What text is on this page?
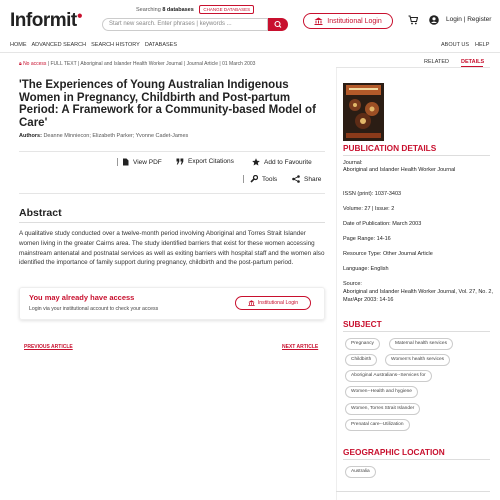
Informit●
Searching 8 databases CHANGE DATABASES
Start new search. Enter phrases | keywords ...	Institutional Login	Login | Register
HOME ADVANCED SEARCH SEARCH HISTORY DATABASES	ABOUT US HELP
🔒︎ No access | FULL TEXT | Aboriginal and Islander Health Worker Journal | Journal Article | 01 March 2003
'The Experiences of Young Australian Indigenous Women in Pregnancy, Childbirth and Post-partum Period: A Framework for a Community-based Model of Care'
Authors: Deanne Minniecon; Elizabeth Parker; Yvonne Cadet-James
View PDF	Export Citations	Add to Favourite
Tools	Share
Abstract
A qualitative study conducted over a twelve-month period involving Aboriginal and Torres Strait Islander women living in the greater Cairns area. The study identified barriers that exist for these women accessing mainstream antenatal and postnatal services as well as exiting barriers with hospital staff and the women also identified the importance of family support during pregnancy, childbirth and the post-partum period.
You may already have access
Login via your institutional account to check your access
Institutional Login
PREVIOUS ARTICLE	NEXT ARTICLE
RELATED DETAILS
PUBLICATION DETAILS
Journal:
Aboriginal and Islander Health Worker Journal
ISSN (print): 1037-3403
Volume: 27 | Issue: 2
Date of Publication: March 2003
Page Range: 14-16
Resource Type: Other Journal Article
Language: English
Source:
Aboriginal and Islander Health Worker Journal, Vol. 27, No. 2, Mar/Apr 2003: 14-16
SUBJECT
Pregnancy	Maternal health services
Childbirth	Women's health services
Aboriginal Australians--Services for
Women--Health and hygiene
Women, Torres Strait Islander
Prenatal care--Utilization
GEOGRAPHIC LOCATION
Australia
